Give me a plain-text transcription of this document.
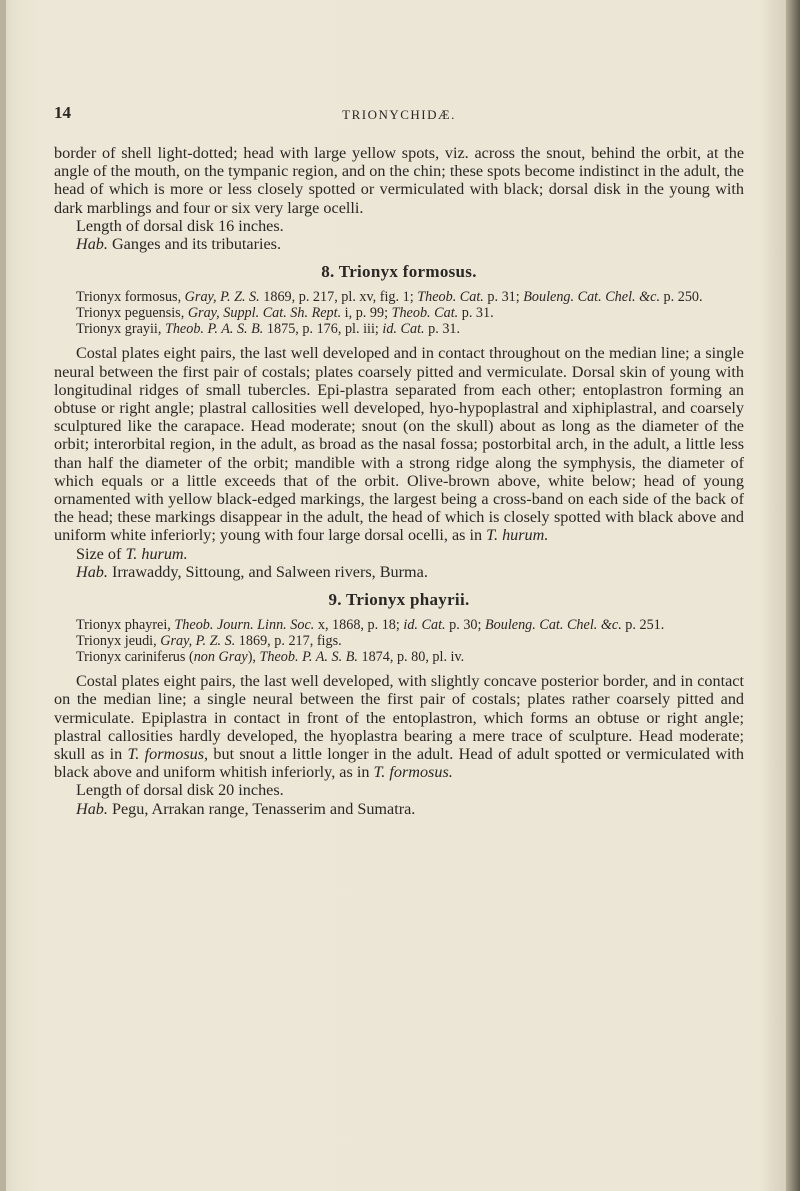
14	TRIONYCHIDÆ.

border of shell light-dotted; head with large yellow spots, viz. across the snout, behind the orbit, at the angle of the mouth, on the tympanic region, and on the chin; these spots become indistinct in the adult, the head of which is more or less closely spotted or vermiculated with black; dorsal disk in the young with dark marblings and four or six very large ocelli.

Length of dorsal disk 16 inches.

Hab. Ganges and its tributaries.

8. Trionyx formosus.

Trionyx formosus, Gray, P. Z. S. 1869, p. 217, pl. xv, fig. 1; Theob. Cat. p. 31; Bouleng. Cat. Chel. &c. p. 250.

Trionyx peguensis, Gray, Suppl. Cat. Sh. Rept. i, p. 99; Theob. Cat. p. 31.

Trionyx grayii, Theob. P. A. S. B. 1875, p. 176, pl. iii; id. Cat. p. 31.

Costal plates eight pairs, the last well developed and in contact throughout on the median line; a single neural between the first pair of costals; plates coarsely pitted and vermiculate. Dorsal skin of young with longitudinal ridges of small tubercles. Epi-plastra separated from each other; entoplastron forming an obtuse or right angle; plastral callosities well developed, hyo-hypoplastral and xiphiplastral, and coarsely sculptured like the carapace. Head moderate; snout (on the skull) about as long as the diameter of the orbit; interorbital region, in the adult, as broad as the nasal fossa; postorbital arch, in the adult, a little less than half the diameter of the orbit; mandible with a strong ridge along the symphysis, the diameter of which equals or a little exceeds that of the orbit. Olive-brown above, white below; head of young ornamented with yellow black-edged markings, the largest being a cross-band on each side of the back of the head; these markings disappear in the adult, the head of which is closely spotted with black above and uniform white inferiorly; young with four large dorsal ocelli, as in T. hurum.

Size of T. hurum.

Hab. Irrawaddy, Sittoung, and Salween rivers, Burma.

9. Trionyx phayrii.

Trionyx phayrei, Theob. Journ. Linn. Soc. x, 1868, p. 18; id. Cat. p. 30; Bouleng. Cat. Chel. &c. p. 251.

Trionyx jeudi, Gray, P. Z. S. 1869, p. 217, figs.

Trionyx cariniferus (non Gray), Theob. P. A. S. B. 1874, p. 80, pl. iv.

Costal plates eight pairs, the last well developed, with slightly concave posterior border, and in contact on the median line; a single neural between the first pair of costals; plates rather coarsely pitted and vermiculate. Epiplastra in contact in front of the entoplastron, which forms an obtuse or right angle; plastral callosities hardly developed, the hyoplastra bearing a mere trace of sculpture. Head moderate; skull as in T. formosus, but snout a little longer in the adult. Head of adult spotted or vermiculated with black above and uniform whitish inferiorly, as in T. formosus.

Length of dorsal disk 20 inches.

Hab. Pegu, Arrakan range, Tenasserim and Sumatra.
